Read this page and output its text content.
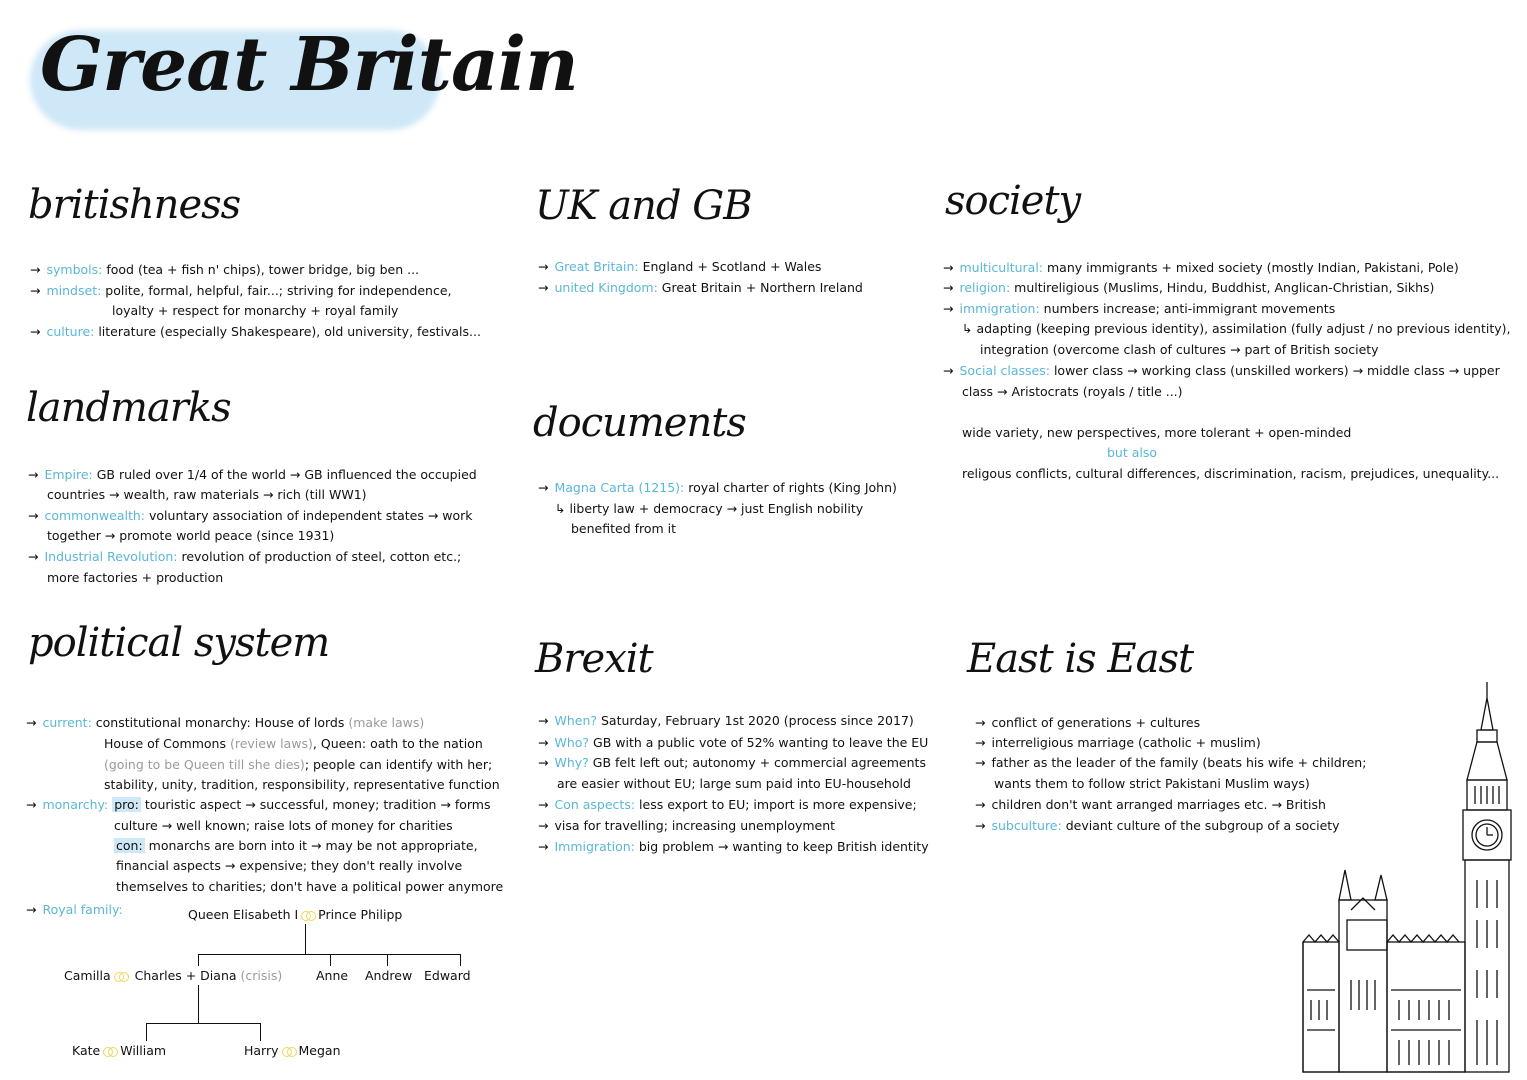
Great Britain
britishness
→ symbols: food (tea + fish n' chips), tower bridge, big ben ...
→ mindset: polite, formal, helpful, fair...; striving for independence,
loyalty + respect for monarchy + royal family
→ culture: literature (especially Shakespeare), old university, festivals...
landmarks
→ Empire: GB ruled over 1/4 of the world → GB influenced the occupied
countries → wealth, raw materials → rich (till WW1)
→ commonwealth: voluntary association of independent states → work
together → promote world peace (since 1931)
→ Industrial Revolution: revolution of production of steel, cotton etc.;
more factories + production
political system
→ current: constitutional monarchy: House of lords (make laws)
House of Commons (review laws), Queen: oath to the nation
(going to be Queen till she dies); people can identify with her;
stability, unity, tradition, responsibility, representative function
→ monarchy: pro: touristic aspect → successful, money; tradition → forms
culture → well known; raise lots of money for charities
con: monarchs are born into it → may be not appropriate,
financial aspects → expensive; they don't really involve
themselves to charities; don't have a political power anymore
→ Royal family:	Queen Elisabeth I Prince Philipp
Camilla Charles + Diana (crisis)	Anne Andrew Edward
Kate William	Harry Megan
UK and GB
→ Great Britain: England + Scotland + Wales
→ united Kingdom: Great Britain + Northern Ireland
documents
→ Magna Carta (1215): royal charter of rights (King John)
↳ liberty law + democracy → just English nobility
benefited from it
Brexit
→ When? Saturday, February 1st 2020 (process since 2017)
→ Who? GB with a public vote of 52% wanting to leave the EU
→ Why? GB felt left out; autonomy + commercial agreements
are easier without EU; large sum paid into EU-household
→ Con aspects: less export to EU; import is more expensive;
→ visa for travelling; increasing unemployment
→ Immigration: big problem → wanting to keep British identity
society
→ multicultural: many immigrants + mixed society (mostly Indian, Pakistani, Pole)
→ religion: multireligious (Muslims, Hindu, Buddhist, Anglican-Christian, Sikhs)
→ immigration: numbers increase; anti-immigrant movements
↳ adapting (keeping previous identity), assimilation (fully adjust / no previous identity),
integration (overcome clash of cultures → part of British society
→ Social classes: lower class → working class (unskilled workers) → middle class → upper
class → Aristocrats (royals / title ...)
wide variety, new perspectives, more tolerant + open-minded
but also
religous conflicts, cultural differences, discrimination, racism, prejudices, unequality...
East is East
→ conflict of generations + cultures
→ interreligious marriage (catholic + muslim)
→ father as the leader of the family (beats his wife + children;
wants them to follow strict Pakistani Muslim ways)
→ children don't want arranged marriages etc. → British
→ subculture: deviant culture of the subgroup of a society
